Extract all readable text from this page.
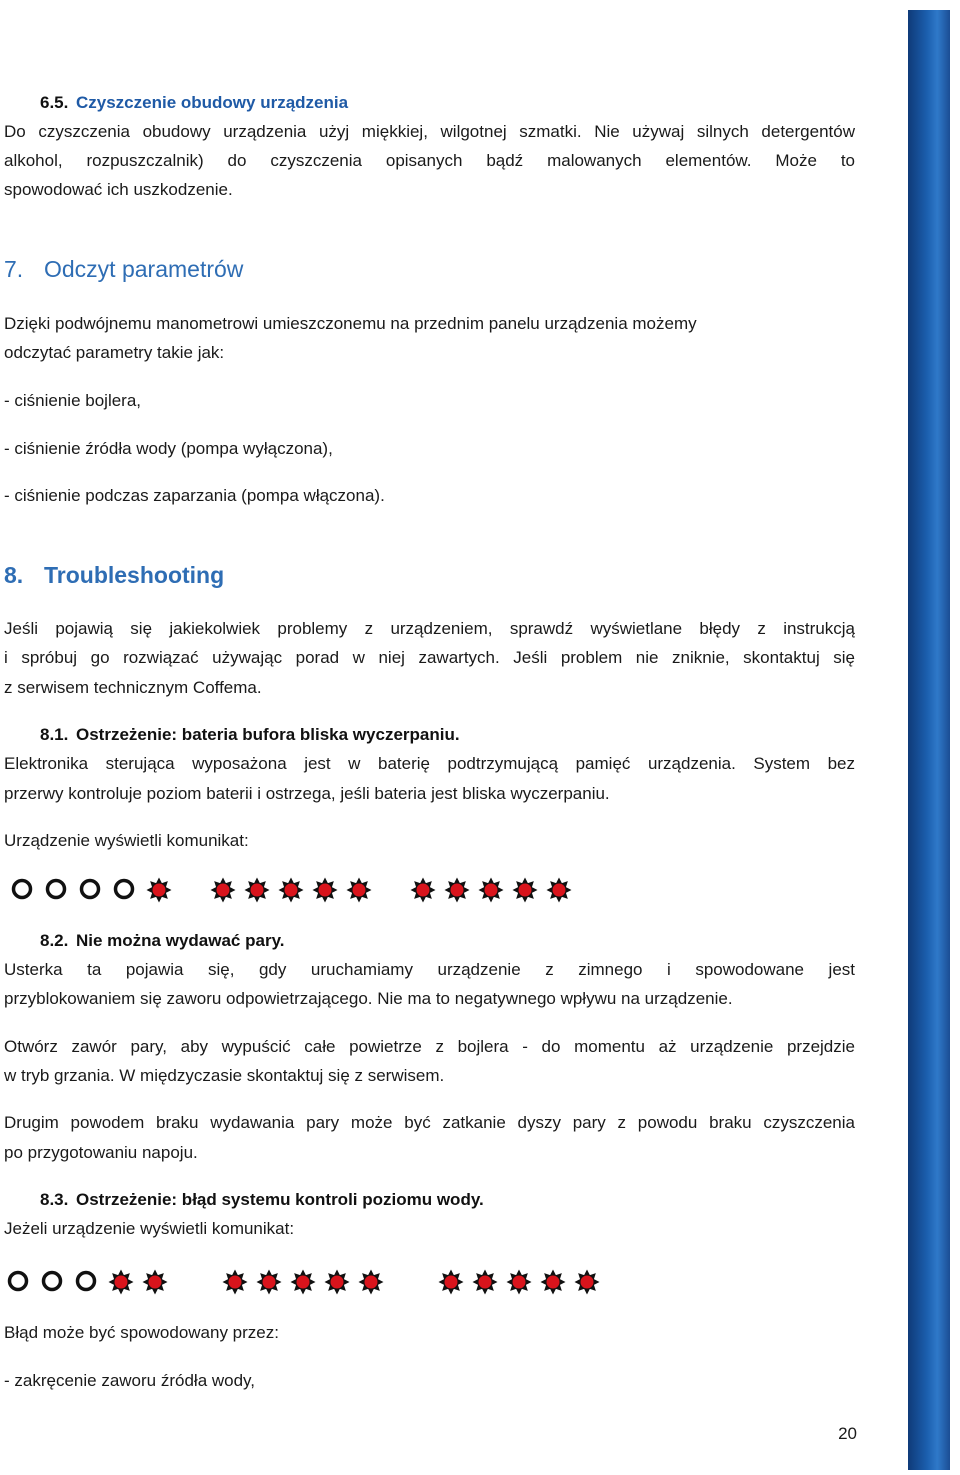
6.5. Czyszczenie obudowy urządzenia
Do czyszczenia obudowy urządzenia użyj miękkiej, wilgotnej szmatki. Nie używaj silnych detergentów
alkohol, rozpuszczalnik) do czyszczenia opisanych bądź malowanych elementów. Może to
spowodować ich uszkodzenie.
7. Odczyt parametrów
Dzięki podwójnemu manometrowi umieszczonemu na przednim panelu urządzenia możemy
odczytać parametry takie jak:
- ciśnienie bojlera,
- ciśnienie źródła wody (pompa wyłączona),
- ciśnienie podczas zaparzania (pompa włączona).
8. Troubleshooting
Jeśli pojawią się jakiekolwiek problemy z urządzeniem, sprawdź wyświetlane błędy z instrukcją
i spróbuj go rozwiązać używając porad w niej zawartych. Jeśli problem nie zniknie, skontaktuj się
z serwisem technicznym Coffema.
8.1. Ostrzeżenie: bateria bufora bliska wyczerpaniu.
Elektronika sterująca wyposażona jest w baterię podtrzymującą pamięć urządzenia. System bez
przerwy kontroluje poziom baterii i ostrzega, jeśli bateria jest bliska wyczerpaniu.
Urządzenie wyświetli komunikat:
8.2. Nie można wydawać pary.
Usterka ta pojawia się, gdy uruchamiamy urządzenie z zimnego i spowodowane jest
przyblokowaniem się zaworu odpowietrzającego. Nie ma to negatywnego wpływu na urządzenie.
Otwórz zawór pary, aby wypuścić całe powietrze z bojlera - do momentu aż urządzenie przejdzie
w tryb grzania. W międzyczasie skontaktuj się z serwisem.
Drugim powodem braku wydawania pary może być zatkanie dyszy pary z powodu braku czyszczenia
po przygotowaniu napoju.
8.3. Ostrzeżenie: błąd systemu kontroli poziomu wody.
Jeżeli urządzenie wyświetli komunikat:
Błąd może być spowodowany przez:
- zakręcenie zaworu źródła wody,
20
